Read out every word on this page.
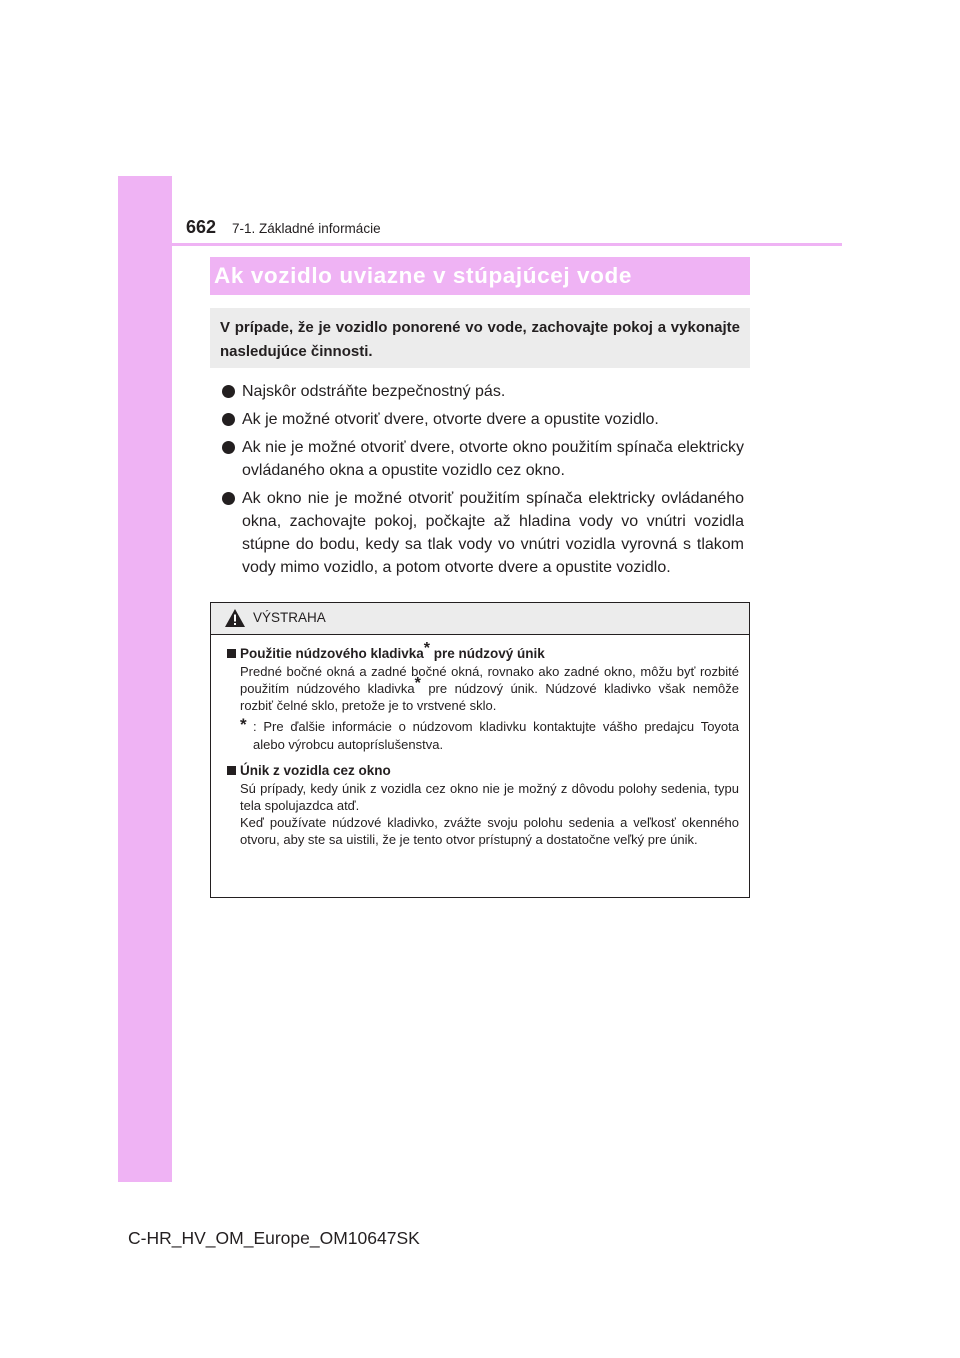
662 7-1. Základné informácie
Ak vozidlo uviazne v stúpajúcej vode
V prípade, že je vozidlo ponorené vo vode, zachovajte pokoj a vykonajte nasledujúce činnosti.
Najskôr odstráňte bezpečnostný pás.
Ak je možné otvoriť dvere, otvorte dvere a opustite vozidlo.
Ak nie je možné otvoriť dvere, otvorte okno použitím spínača elektricky ovládaného okna a opustite vozidlo cez okno.
Ak okno nie je možné otvoriť použitím spínača elektricky ovládaného okna, zachovajte pokoj, počkajte až hladina vody vo vnútri vozidla stúpne do bodu, kedy sa tlak vody vo vnútri vozidla vyrovná s tlakom vody mimo vozidlo, a potom otvorte dvere a opustite vozidlo.
VÝSTRAHA
Použitie núdzového kladivka* pre núdzový únik
Predné bočné okná a zadné bočné okná, rovnako ako zadné okno, môžu byť rozbité použitím núdzového kladivka* pre núdzový únik. Núdzové kladivko však nemôže rozbiť čelné sklo, pretože je to vrstvené sklo.
* : Pre ďalšie informácie o núdzovom kladivku kontaktujte vášho predajcu Toyota alebo výrobcu autopríslušenstva.
Únik z vozidla cez okno
Sú prípady, kedy únik z vozidla cez okno nie je možný z dôvodu polohy sedenia, typu tela spolujazdca atď.
Keď používate núdzové kladivko, zvážte svoju polohu sedenia a veľkosť okenného otvoru, aby ste sa uistili, že je tento otvor prístupný a dostatočne veľký pre únik.
C-HR_HV_OM_Europe_OM10647SK
